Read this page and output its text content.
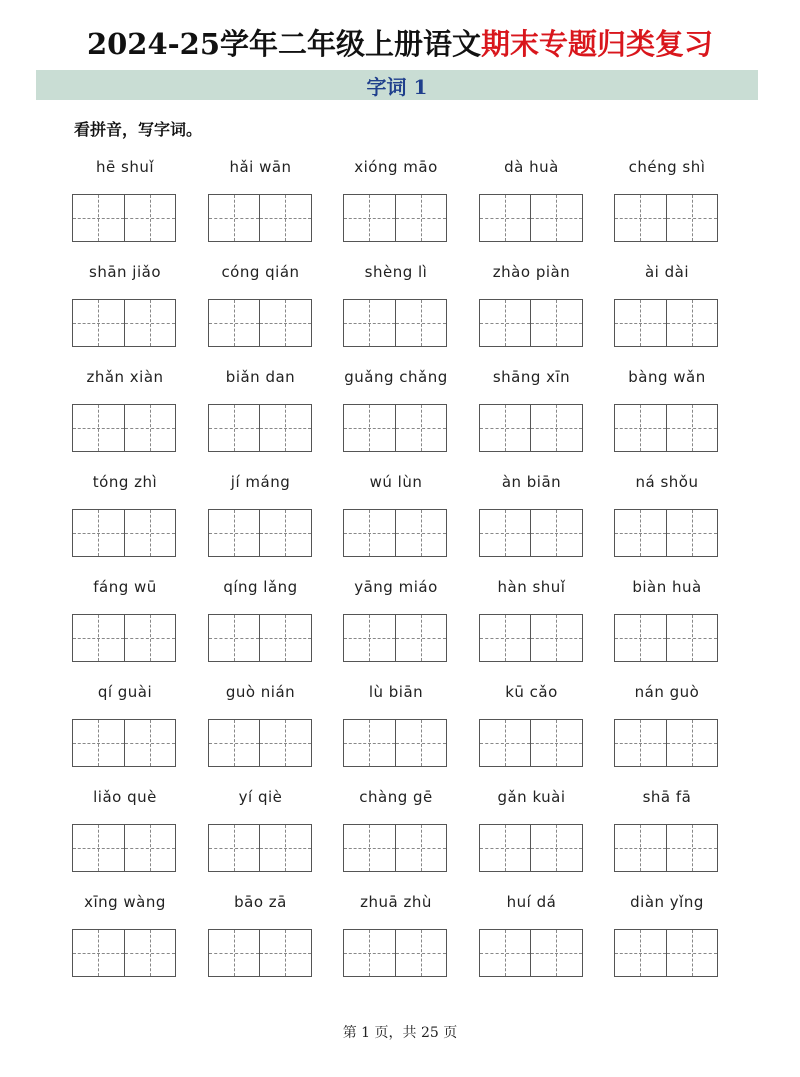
2024-25学年二年级上册语文期末专题归类复习
字词 1
看拼音，写字词。
hē shuǐ	hǎi wān	xióng māo	dà huà	chéng shì
shān jiǎo	cóng qián	shèng lì	zhào piàn	ài dài
zhǎn xiàn	biǎn dan	guǎng chǎng	shāng xīn	bàng wǎn
tóng zhì	jí máng	wú lùn	àn biān	ná shǒu
fáng wū	qíng lǎng	yāng miáo	hàn shuǐ	biàn huà
qí guài	guò nián	lù biān	kū cǎo	nán guò
liǎo què	yí qiè	chàng gē	gǎn kuài	shā fā
xīng wàng	bāo zā	zhuā zhù	huí dá	diàn yǐng
第 1 页，共 25 页
